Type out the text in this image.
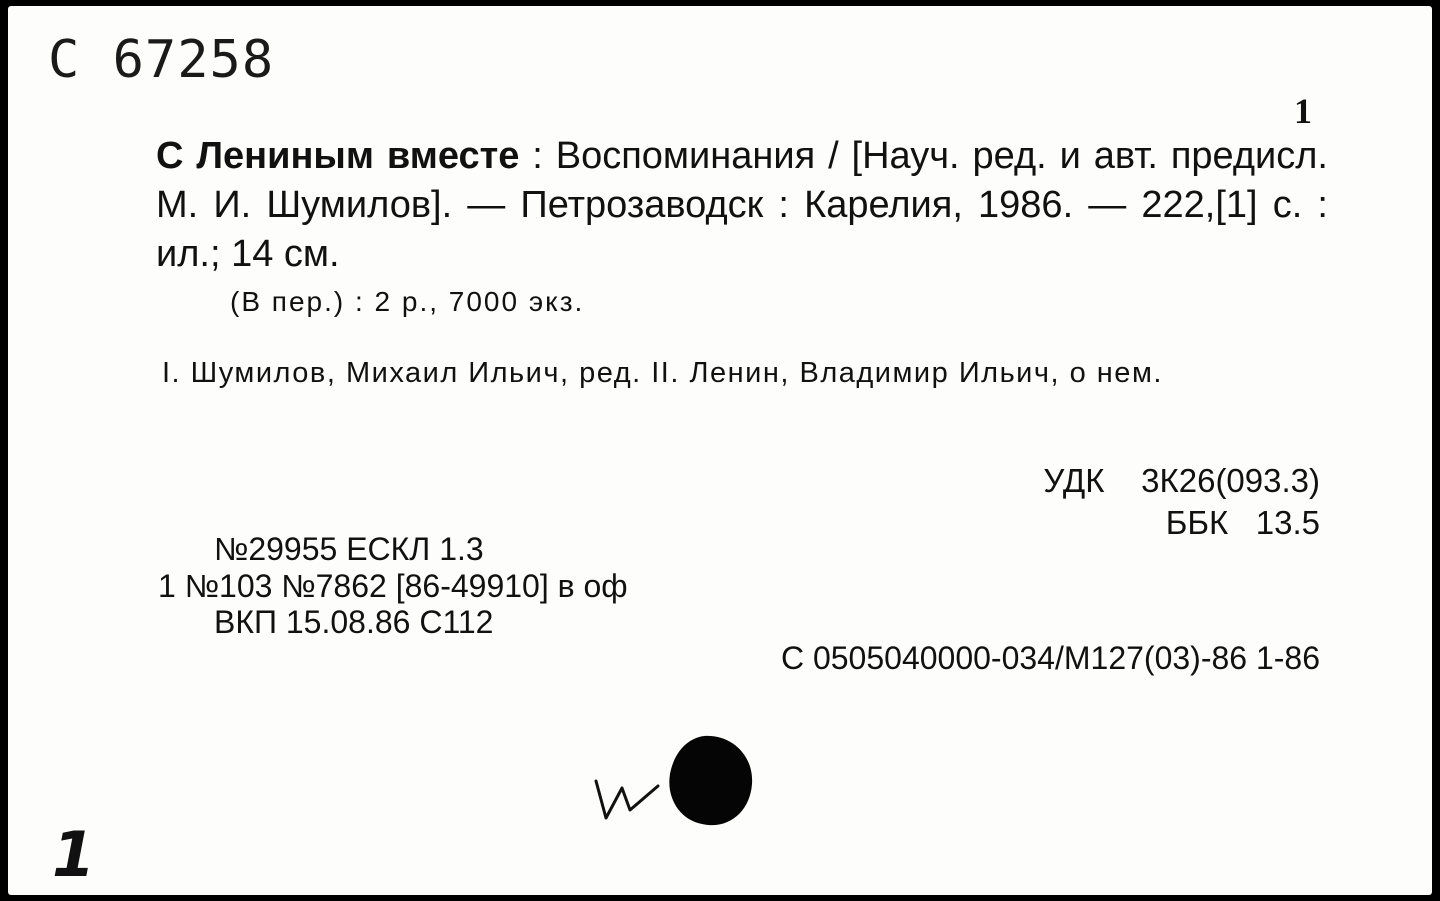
С 67258
1
С Лениным вместе : Воспоминания / [Науч. ред. и авт. предисл. М. И. Шумилов]. — Петрозаводск : Карелия, 1986. — 222,[1] с. : ил.; 14 см.
(В пер.) : 2 р., 7000 экз.
I. Шумилов, Михаил Ильич, ред. II. Ленин, Владимир Ильич, о нем.
УДК 3К26(093.3)
ББК 13.5
№29955 ЕСКЛ 1.3
1 №103 №7862 [86-49910] в оф
ВКП 15.08.86 С112
С 0505040000-034/М127(03)-86 1-86
1
